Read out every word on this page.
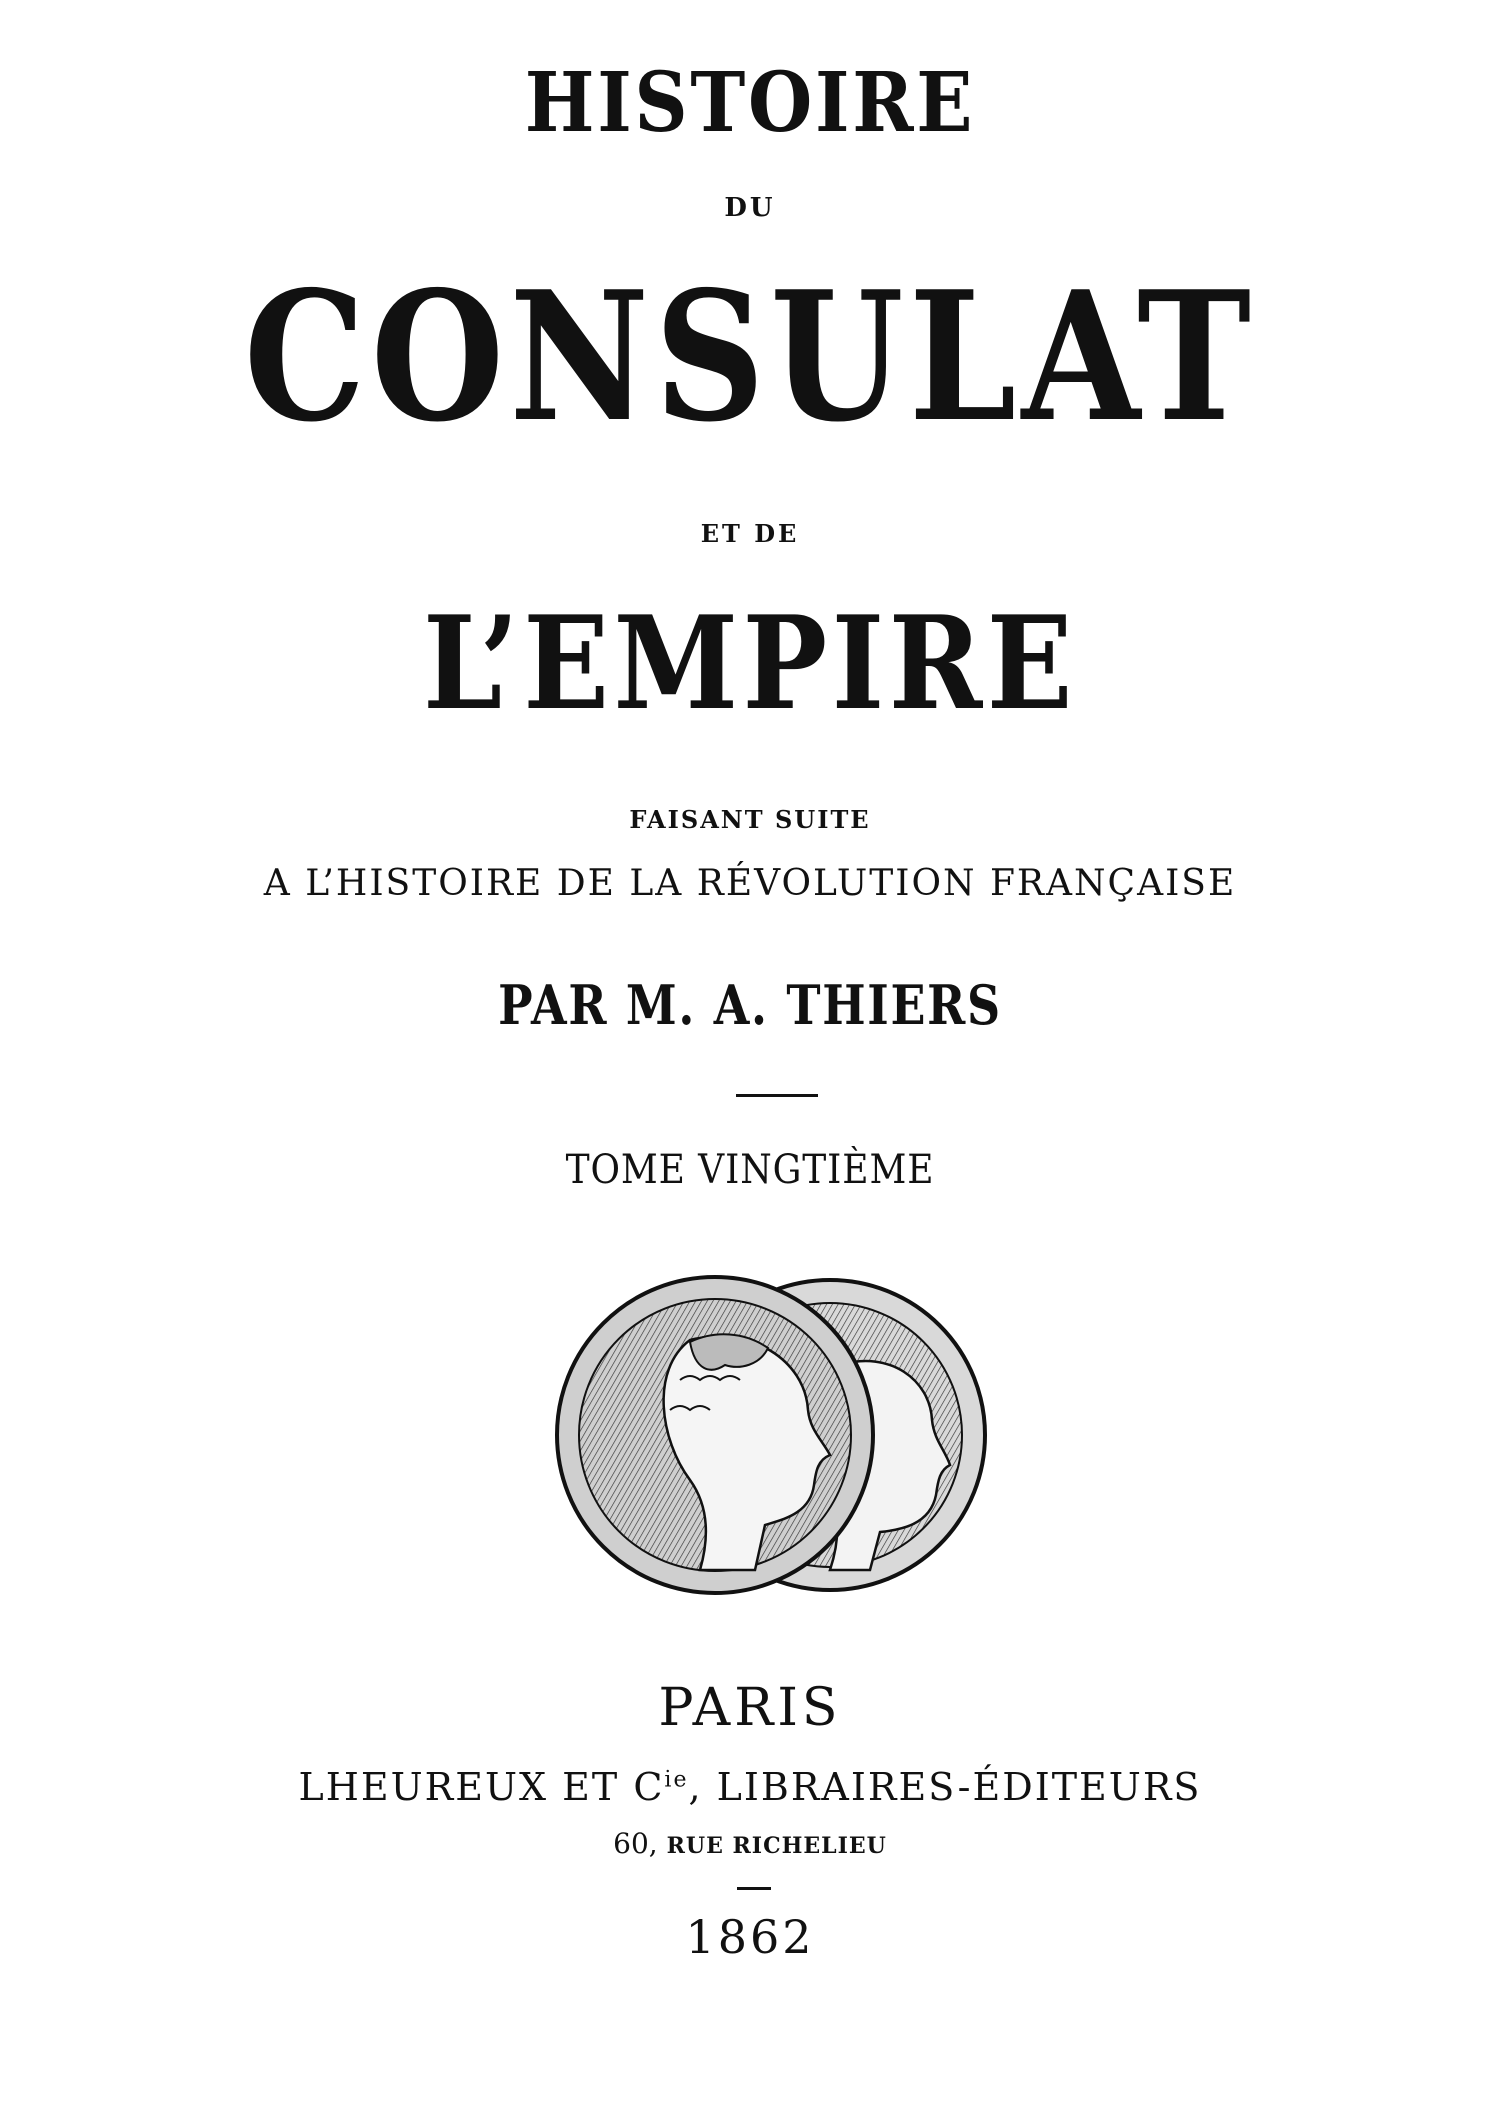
HISTOIRE
DU
CONSULAT
ET DE
L’EMPIRE
FAISANT SUITE
A L’HISTOIRE DE LA RÉVOLUTION FRANÇAISE
PAR M. A. THIERS
TOME VINGTIÈME
PARIS
LHEUREUX ET $C^{ie}$, LIBRAIRES-ÉDITEURS
60, RUE RICHELIEU
1862
